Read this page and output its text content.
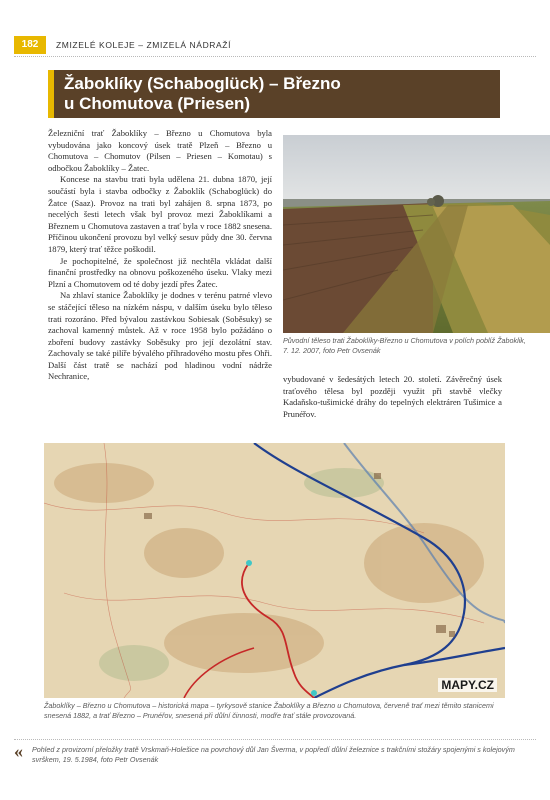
182	ZMIZELÉ KOLEJE – ZMIZELÁ NÁDRAŽÍ

Žaboklíky (Schaboglück) – Březno

u Chomutova (Priesen)

Železniční trať Žaboklíky – Březno u Chomutova byla vybudována jako koncový úsek tratě Plzeň – Březno u Chomutova – Chomutov (Pilsen – Priesen – Komotau) s odbočkou Žaboklíky – Žatec.

Koncese na stavbu trati byla udělena 21. dubna 1870, její součástí byla i stavba odbočky z Žaboklík (Schaboglück) do Žatce (Saaz). Provoz na trati byl zahájen 8. srpna 1873, po necelých šesti letech však byl provoz mezi Žaboklíkami a Březnem u Chomutova zastaven a trať byla v roce 1882 snesena. Příčinou ukončení provozu byl velký sesuv půdy dne 30. června 1879, který trať těžce poškodil.

Je pochopitelné, že společnost již nechtěla vkládat další finanční prostředky na obnovu poškozeného úseku. Vlaky mezi Plzní a Chomutovem od té doby jezdí přes Žatec.

Na zhlaví stanice Žaboklíky je dodnes v terénu patrné vlevo se stáčející těleso na nízkém náspu, v dalším úseku bylo těleso trati rozoráno. Před bývalou zastávkou Sobiesak (Soběsuky) se zachoval kamenný můstek. Až v roce 1958 bylo požádáno o zboření budovy zastávky Soběsuky pro její dezolátní stav. Zachovaly se také pilíře bývalého příhradového mostu přes Ohři. Další část tratě se nachází pod hladinou vodní nádrže Nechranice,

Původní těleso trati Žaboklíky-Březno u Chomutova v polích poblíž Žaboklik, 7. 12. 2007, foto Petr Ovsenák
vybudované v šedesátých letech 20. století. Závěrečný úsek traťového tělesa byl později využit při stavbě vlečky Kadaňsko-tušimické dráhy do tepelných elektráren Tušimice a Prunéřov.
MAPY.CZ
Žaboklíky – Březno u Chomutova – historická mapa – tyrkysově stanice Žaboklíky a Březno u Chomutova, červeně trať mezi těmito stanicemi snesená 1882, a trať Březno – Prunéřov, snesená při důlní činnosti, modře trať stále provozovaná.
« Pohled z provizorní přeložky tratě Vrskmaň-Holešice na povrchový důl Jan Šverma, v popředí důlní železnice s trakčními stožáry spojenými s kolejovým svrškem, 19. 5.1984, foto Petr Ovsenák
